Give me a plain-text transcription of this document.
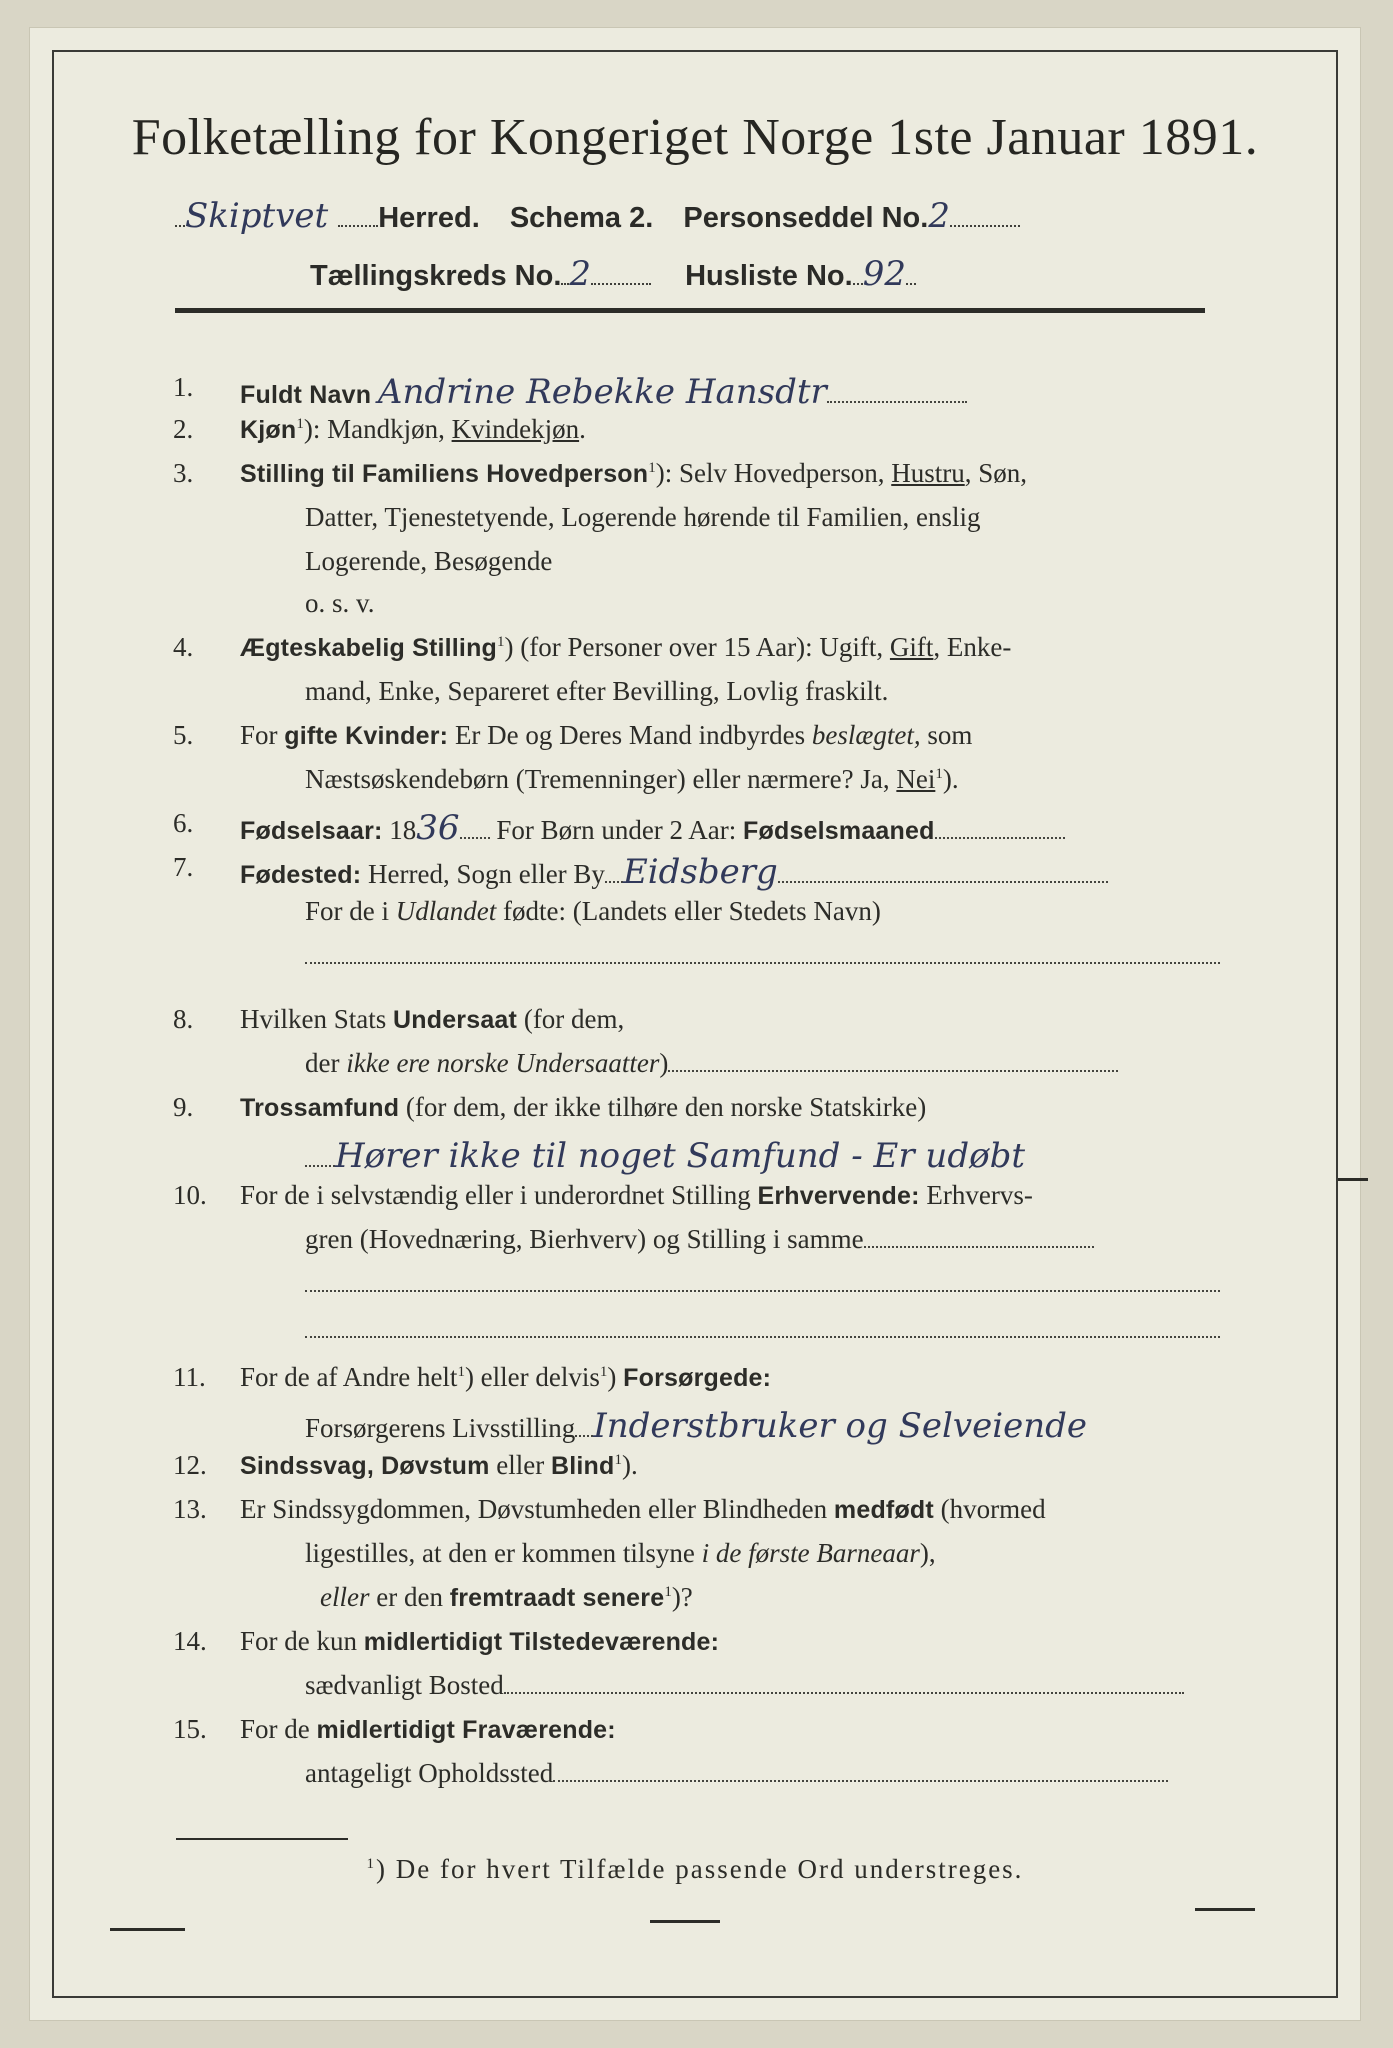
Folketælling for Kongeriget Norge 1ste Januar 1891.
Skiptvet Herred. Schema 2. Personseddel No.2
Tællingskreds No. 2	Husliste No. 92
1.	Fuldt Navn Andrine Rebekke Hansdtr
2.	Kjøn$^1$): Mandkjøn, Kvindekjøn.
3.	Stilling til Familiens Hovedperson$^1$): Selv Hovedperson, Hustru, Søn,
Datter, Tjenestetyende, Logerende hørende til Familien, enslig
Logerende, Besøgende
o. s. v.
4.	Ægteskabelig Stilling$^1$) (for Personer over 15 Aar): Ugift, Gift, Enke-
mand, Enke, Separeret efter Bevilling, Lovlig fraskilt.
5.	For gifte Kvinder: Er De og Deres Mand indbyrdes beslægtet, som
Næstsøskendebørn (Tremenninger) eller nærmere? Ja, Nei$^1$).
6.	Fødselsaar: 1836 For Børn under 2 Aar: Fødselsmaaned
7.	Fødested: Herred, Sogn eller By Eidsberg
For de i Udlandet fødte: (Landets eller Stedets Navn)
8.	Hvilken Stats Undersaat (for dem,
der ikke ere norske Undersaatter)
9.	Trossamfund (for dem, der ikke tilhøre den norske Statskirke)
Hører ikke til noget Samfund - Er udøbt
10.	For de i selvstændig eller i underordnet Stilling Erhvervende: Erhvervs-
gren (Hovednæring, Bierhverv) og Stilling i samme
11.	For de af Andre helt$^1$) eller delvis$^1$) Forsørgede:
Forsørgerens Livsstilling Inderstbruker og Selveiende
12.	Sindssvag, Døvstum eller Blind$^1$).
13.	Er Sindssygdommen, Døvstumheden eller Blindheden medfødt (hvormed
ligestilles, at den er kommen tilsyne i de første Barneaar),
eller er den fremtraadt senere$^1$)?
14.	For de kun midlertidigt Tilstedeværende:
sædvanligt Bosted
15.	For de midlertidigt Fraværende:
antageligt Opholdssted
$^1$) De for hvert Tilfælde passende Ord understreges.
